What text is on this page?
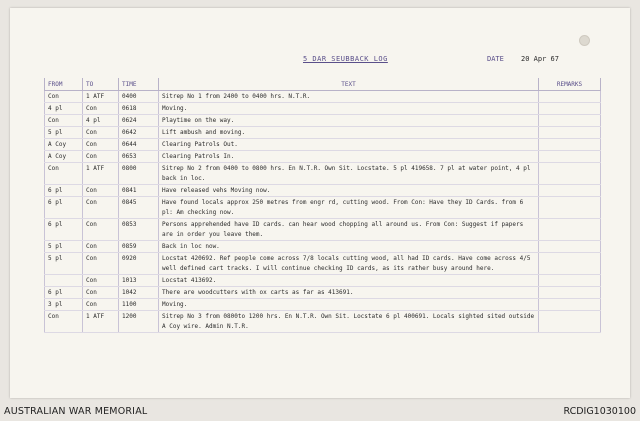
5 DAR SEUBBACK LOG	DATE 20 Apr 67
FROM	TO	TIME	TEXT	REMARKS
Con	1 ATF	0400	Sitrep No 1 from 2400 to 0400 hrs. N.T.R.	
4 pl	Con	0618	Moving.	
Con	4 pl	0624	Playtime on the way.	
5 pl	Con	0642	Lift ambush and moving.	
A Coy	Con	0644	Clearing Patrols Out.	
A Coy	Con	0653	Clearing Patrols In.	
Con	1 ATF	0800	Sitrep No 2 from 0400 to 0800 hrs. En N.T.R. Own Sit. Locstate. 5 pl 419658. 7 pl at water point, 4 pl back in loc.	
6 pl	Con	0841	Have released vehs Moving now.	
6 pl	Con	0845	Have found locals approx 250 metres from engr rd, cutting wood. From Con: Have they ID Cards. from 6 pl: Am checking now.	
6 pl	Con	0853	Persons apprehended have ID cards. can hear wood chopping all around us. From Con: Suggest if papers are in order you leave them.	
5 pl	Con	0859	Back in loc now.	
5 pl	Con	0920	Locstat 420692. Ref people come across 7/8 locals cutting wood, all had ID cards. Have come across 4/5 well defined cart tracks. I will continue checking ID cards, as its rather busy around here.	
	Con	1013	Locstat 413692.	
6 pl	Con	1042	There are woodcutters with ox carts as far as 413691.	
3 pl	Con	1100	Moving.	
Con	1 ATF	1200	Sitrep No 3 from 0800to 1200 hrs. En N.T.R. Own Sit. Locstate 6 pl 400691. Locals sighted sited outside A Coy wire. Admin N.T.R.	
AUSTRALIAN WAR MEMORIAL	RCDIG1030100
